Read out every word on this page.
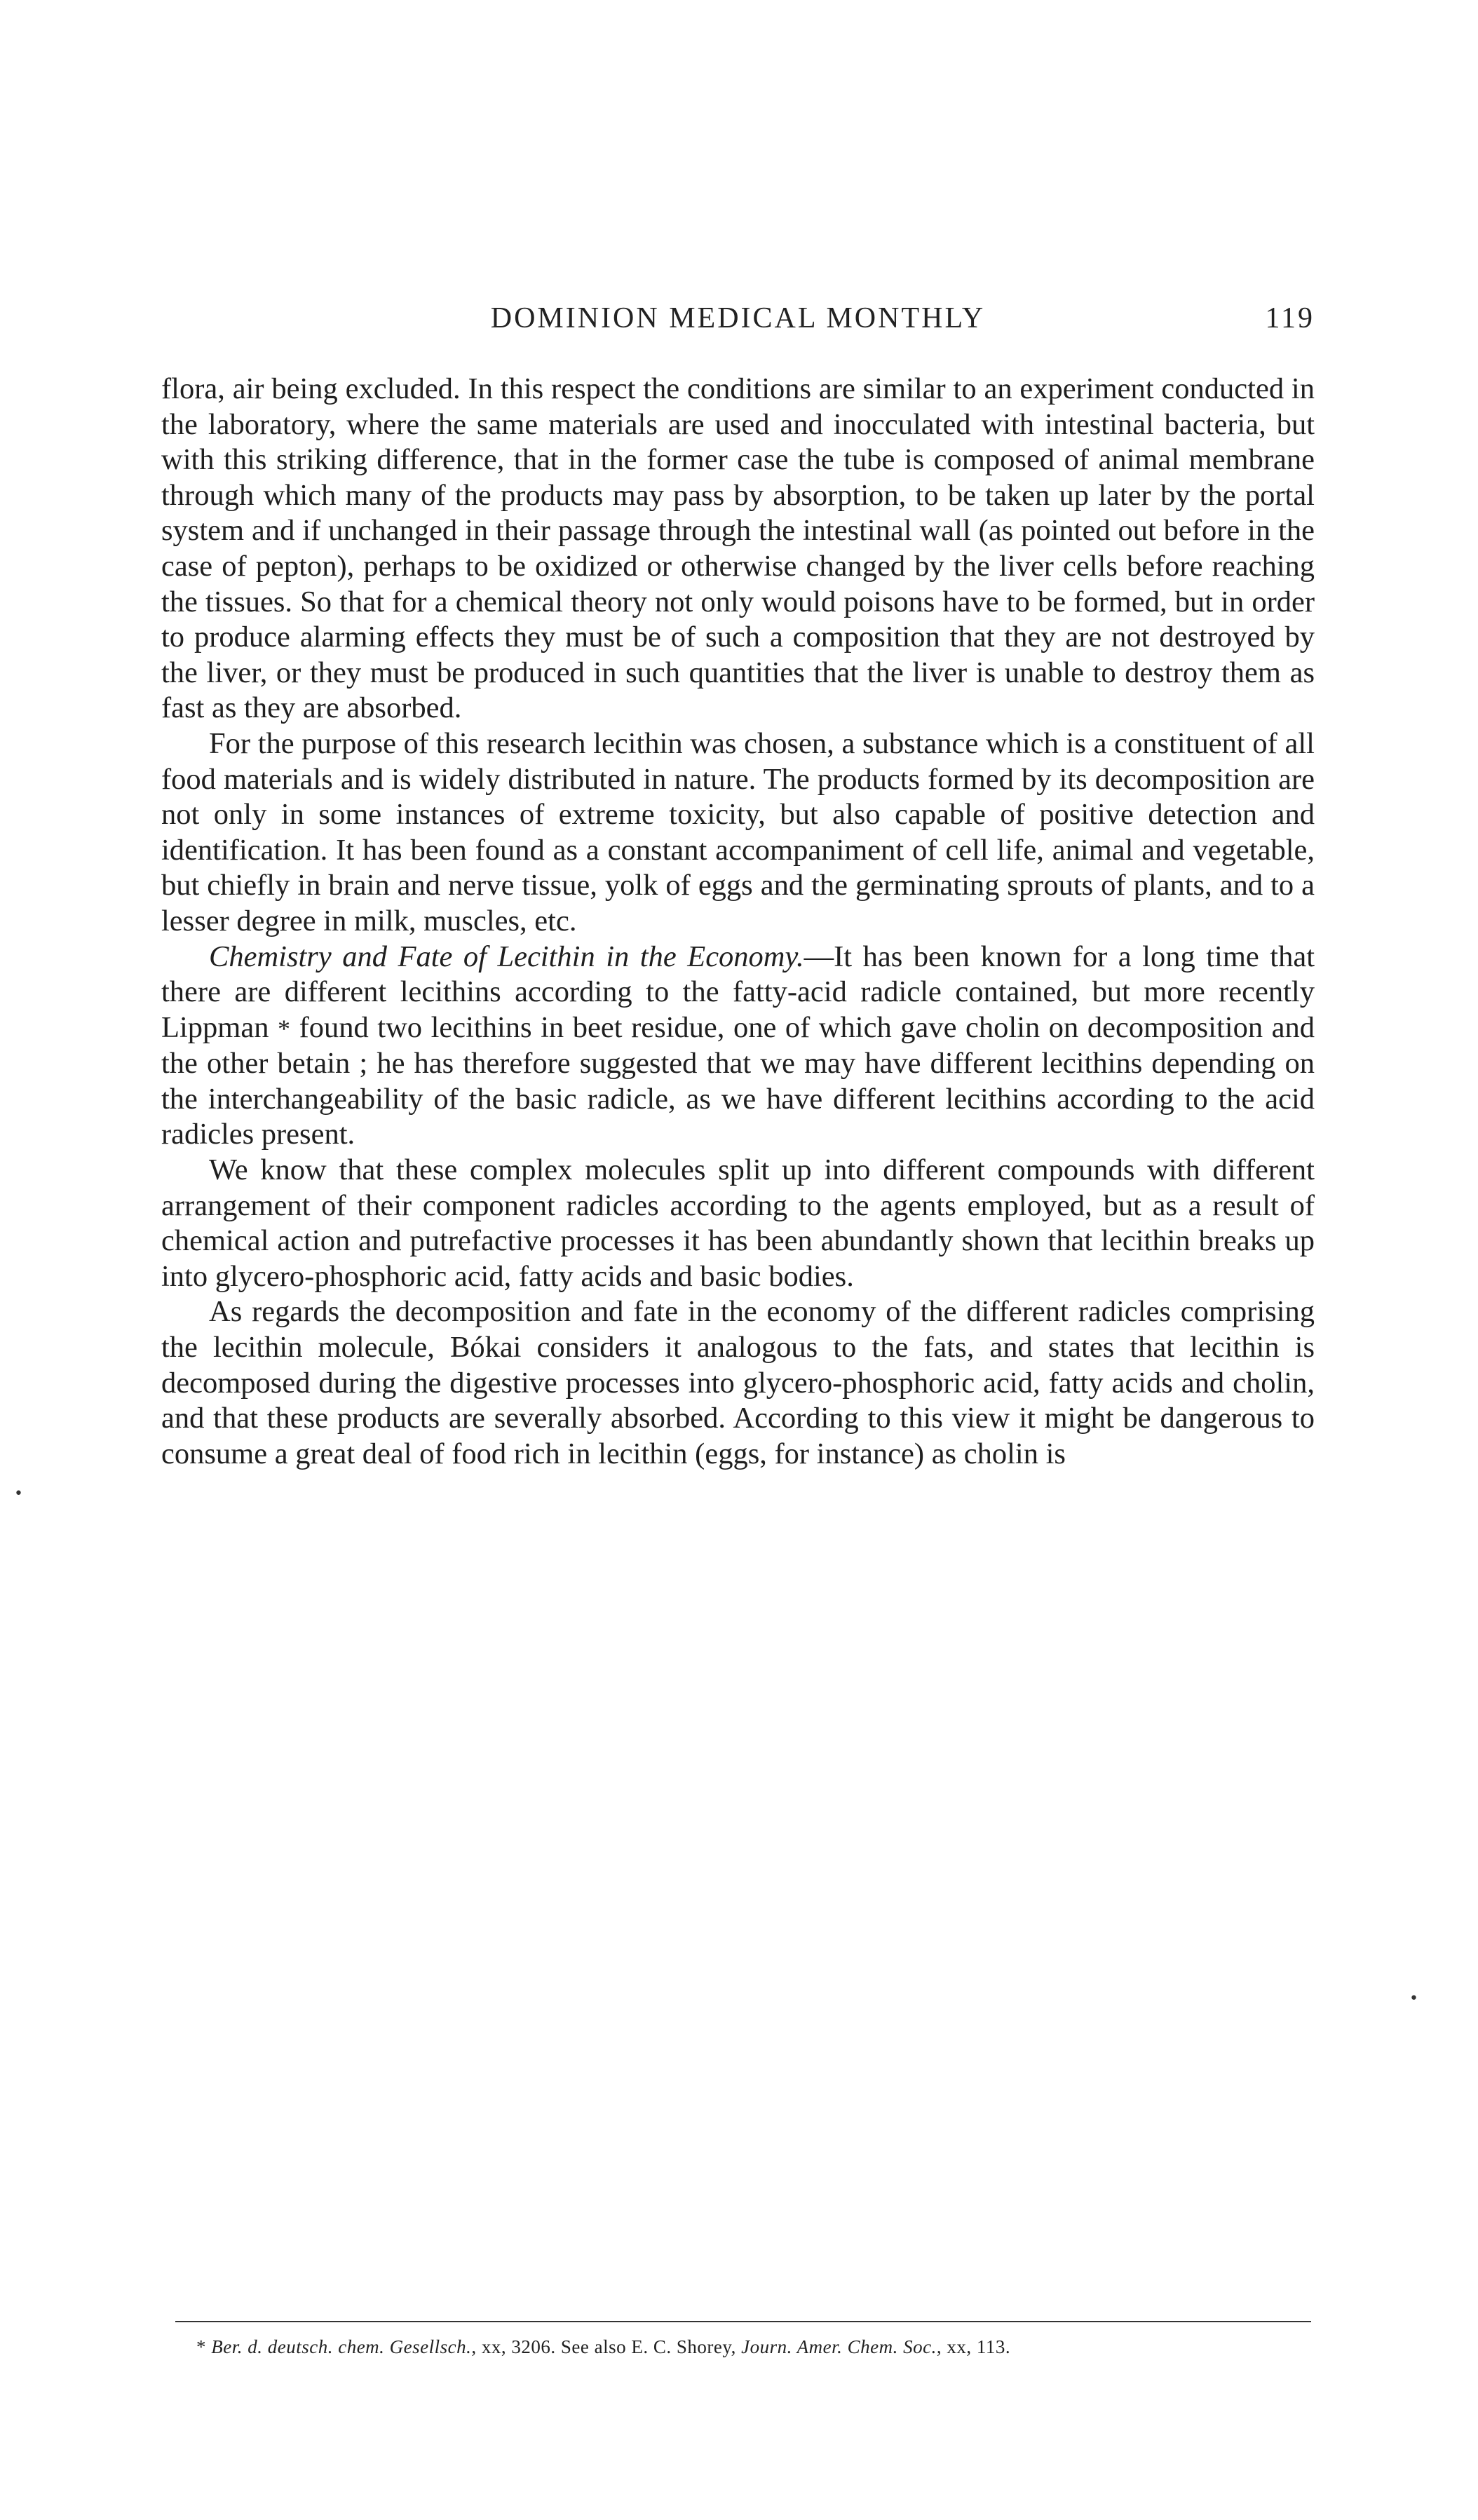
DOMINION MEDICAL MONTHLY	119

flora, air being excluded. In this respect the conditions are similar to an experiment conducted in the laboratory, where the same materials are used and inocculated with intestinal bacteria, but with this striking difference, that in the former case the tube is composed of animal membrane through which many of the products may pass by absorption, to be taken up later by the portal system and if unchanged in their passage through the intestinal wall (as pointed out before in the case of pepton), perhaps to be oxidized or otherwise changed by the liver cells before reaching the tissues. So that for a chemical theory not only would poisons have to be formed, but in order to produce alarming effects they must be of such a composition that they are not destroyed by the liver, or they must be produced in such quantities that the liver is unable to destroy them as fast as they are absorbed.

For the purpose of this research lecithin was chosen, a substance which is a constituent of all food materials and is widely distributed in nature. The products formed by its decomposition are not only in some instances of extreme toxicity, but also capable of positive detection and identification. It has been found as a constant accompaniment of cell life, animal and vegetable, but chiefly in brain and nerve tissue, yolk of eggs and the germinating sprouts of plants, and to a lesser degree in milk, muscles, etc.

Chemistry and Fate of Lecithin in the Economy.—It has been known for a long time that there are different lecithins according to the fatty-acid radicle contained, but more recently Lippman * found two lecithins in beet residue, one of which gave cholin on decomposition and the other betain ; he has therefore suggested that we may have different lecithins depending on the interchangeability of the basic radicle, as we have different lecithins according to the acid radicles present.

We know that these complex molecules split up into different compounds with different arrangement of their component radicles according to the agents employed, but as a result of chemical action and putrefactive processes it has been abundantly shown that lecithin breaks up into glycero-phosphoric acid, fatty acids and basic bodies.

As regards the decomposition and fate in the economy of the different radicles comprising the lecithin molecule, Bókai considers it analogous to the fats, and states that lecithin is decomposed during the digestive processes into glycero-phosphoric acid, fatty acids and cholin, and that these products are severally absorbed. According to this view it might be dangerous to consume a great deal of food rich in lecithin (eggs, for instance) as cholin is

* Ber. d. deutsch. chem. Gesellsch., xx, 3206. See also E. C. Shorey, Journ. Amer. Chem. Soc., xx, 113.
•
•
